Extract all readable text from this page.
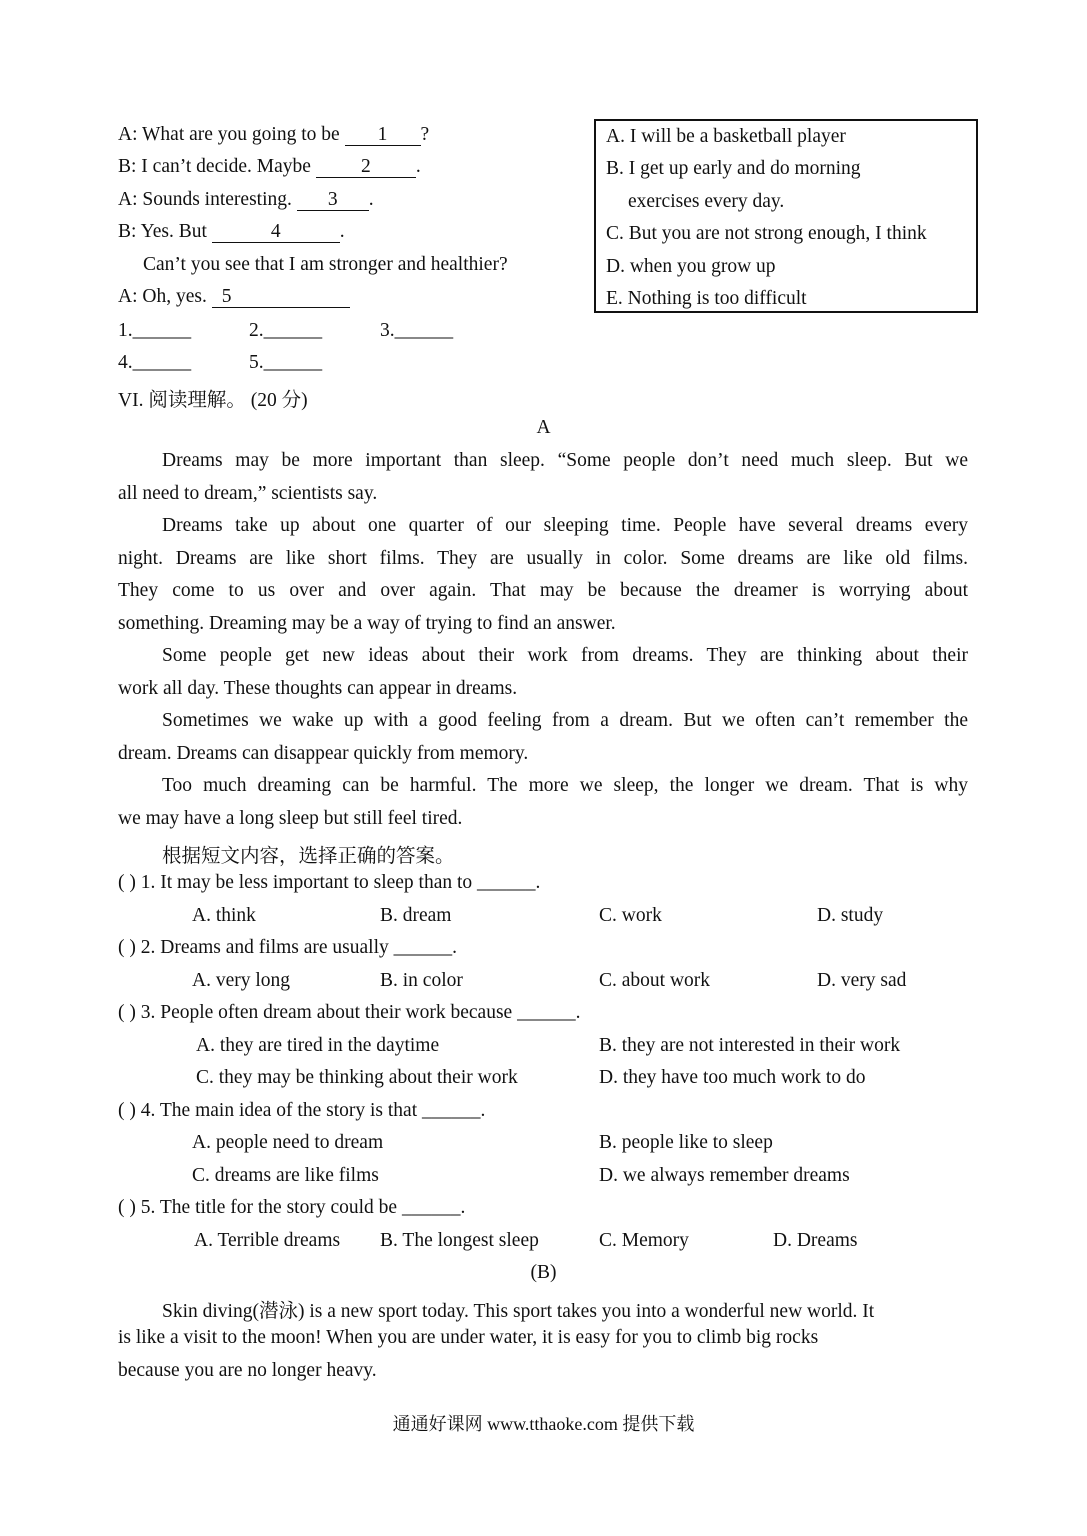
A: What are you going to be 1 ?
B: I can’t decide. Maybe 2 .
A: Sounds interesting. 3 .
B: Yes. But	4	.
Can’t you see that I am stronger and healthier?
A: Oh, yes. 5
1.______	2.______	3.______
4.______	5.______
A. I will be a basketball player
B. I get up early and do morning
exercises every day.
C. But you are not strong enough, I think
D. when you grow up
E. Nothing is too difficult
VI. 阅读理解。 (20 分)
A
Dreams may be more important than sleep. “Some people don’t need much sleep. But we
all need to dream,” scientists say.
Dreams take up about one quarter of our sleeping time. People have several dreams every
night. Dreams are like short films. They are usually in color. Some dreams are like old films.
They come to us over and over again. That may be because the dreamer is worrying about
something. Dreaming may be a way of trying to find an answer.
Some people get new ideas about their work from dreams. They are thinking about their
work all day. These thoughts can appear in dreams.
Sometimes we wake up with a good feeling from a dream. But we often can’t remember the
dream. Dreams can disappear quickly from memory.
Too much dreaming can be harmful. The more we sleep, the longer we dream. That is why
we may have a long sleep but still feel tired.
根据短文内容，选择正确的答案。
( ) 1. It may be less important to sleep than to ______.
A. think	B. dream	C. work	D. study
( ) 2. Dreams and films are usually ______.
A. very long	B. in color	C. about work	D. very sad
( ) 3. People often dream about their work because ______.
A. they are tired in the daytime	B. they are not interested in their work
C. they may be thinking about their work	D. they have too much work to do
( ) 4. The main idea of the story is that ______.
A. people need to dream	B. people like to sleep
C. dreams are like films	D. we always remember dreams
( ) 5. The title for the story could be ______.
A. Terrible dreams B. The longest sleep	C. Memory	D. Dreams
(B)
Skin diving(潜泳) is a new sport today. This sport takes you into a wonderful new world. It
is like a visit to the moon! When you are under water, it is easy for you to climb big rocks
because you are no longer heavy.
通通好课网 www.tthaoke.com 提供下载
